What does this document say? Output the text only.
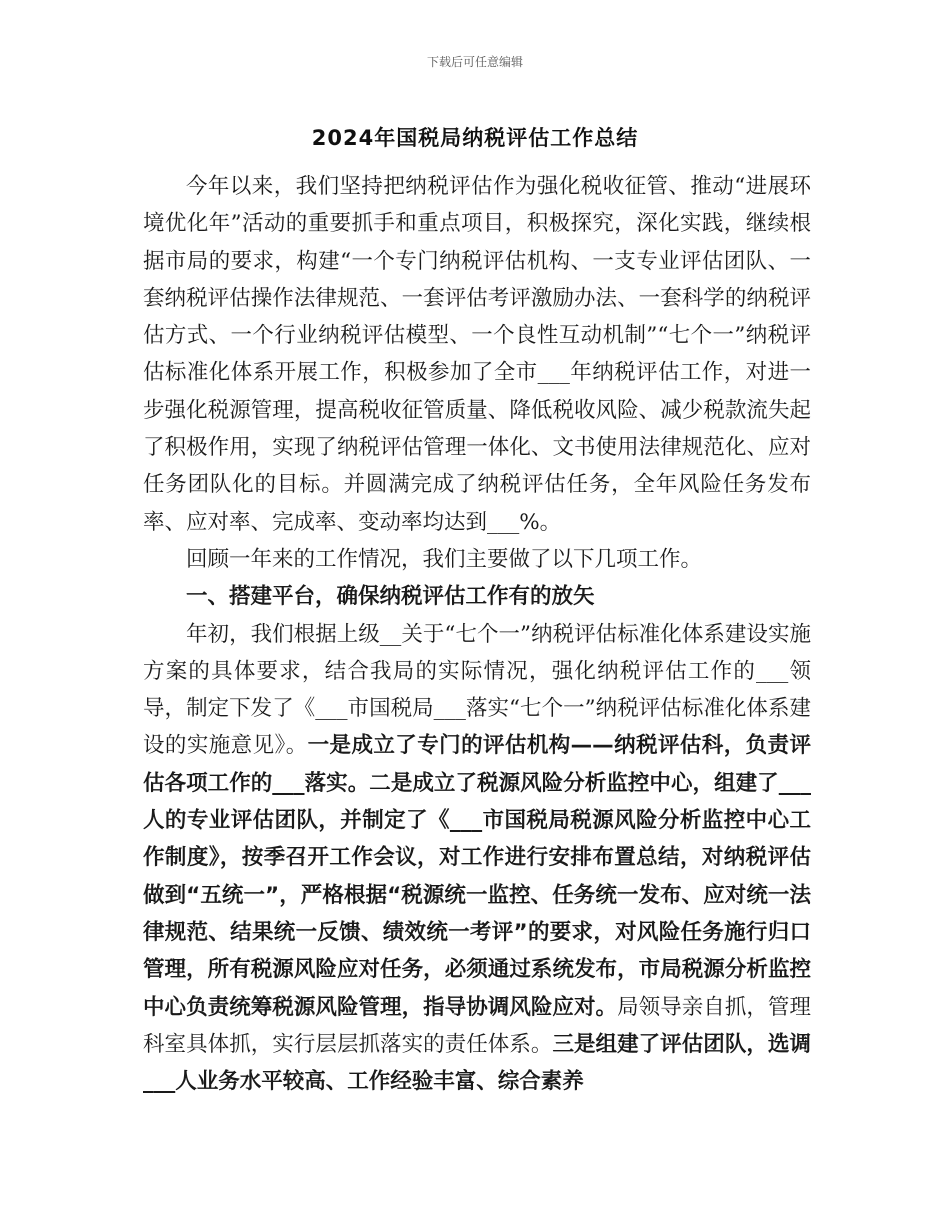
下载后可任意编辑
2024年国税局纳税评估工作总结

今年以来，我们坚持把纳税评估作为强化税收征管、推动“进展环境优化年”活动的重要抓手和重点项目，积极探究，深化实践，继续根据市局的要求，构建“一个专门纳税评估机构、一支专业评估团队、一套纳税评估操作法律规范、一套评估考评激励办法、一套科学的纳税评估方式、一个行业纳税评估模型、一个良性互动机制”“七个一”纳税评估标准化体系开展工作，积极参加了全市___年纳税评估工作，对进一步强化税源管理，提高税收征管质量、降低税收风险、减少税款流失起了积极作用，实现了纳税评估管理一体化、文书使用法律规范化、应对任务团队化的目标。并圆满完成了纳税评估任务，全年风险任务发布率、应对率、完成率、变动率均达到___%。

回顾一年来的工作情况，我们主要做了以下几项工作。

一、搭建平台，确保纳税评估工作有的放矢

年初，我们根据上级__关于“七个一”纳税评估标准化体系建设实施方案的具体要求，结合我局的实际情况，强化纳税评估工作的___领导，制定下发了《___市国税局___落实“七个一”纳税评估标准化体系建设的实施意见》。一是成立了专门的评估机构——纳税评估科，负责评估各项工作的___落实。二是成立了税源风险分析监控中心，组建了___人的专业评估团队，并制定了《___市国税局税源风险分析监控中心工作制度》，按季召开工作会议，对工作进行安排布置总结，对纳税评估做到“五统一”，严格根据“税源统一监控、任务统一发布、应对统一法律规范、结果统一反馈、绩效统一考评”的要求，对风险任务施行归口管理，所有税源风险应对任务，必须通过系统发布，市局税源分析监控中心负责统筹税源风险管理，指导协调风险应对。局领导亲自抓，管理科室具体抓，实行层层抓落实的责任体系。三是组建了评估团队，选调___人业务水平较高、工作经验丰富、综合素养
